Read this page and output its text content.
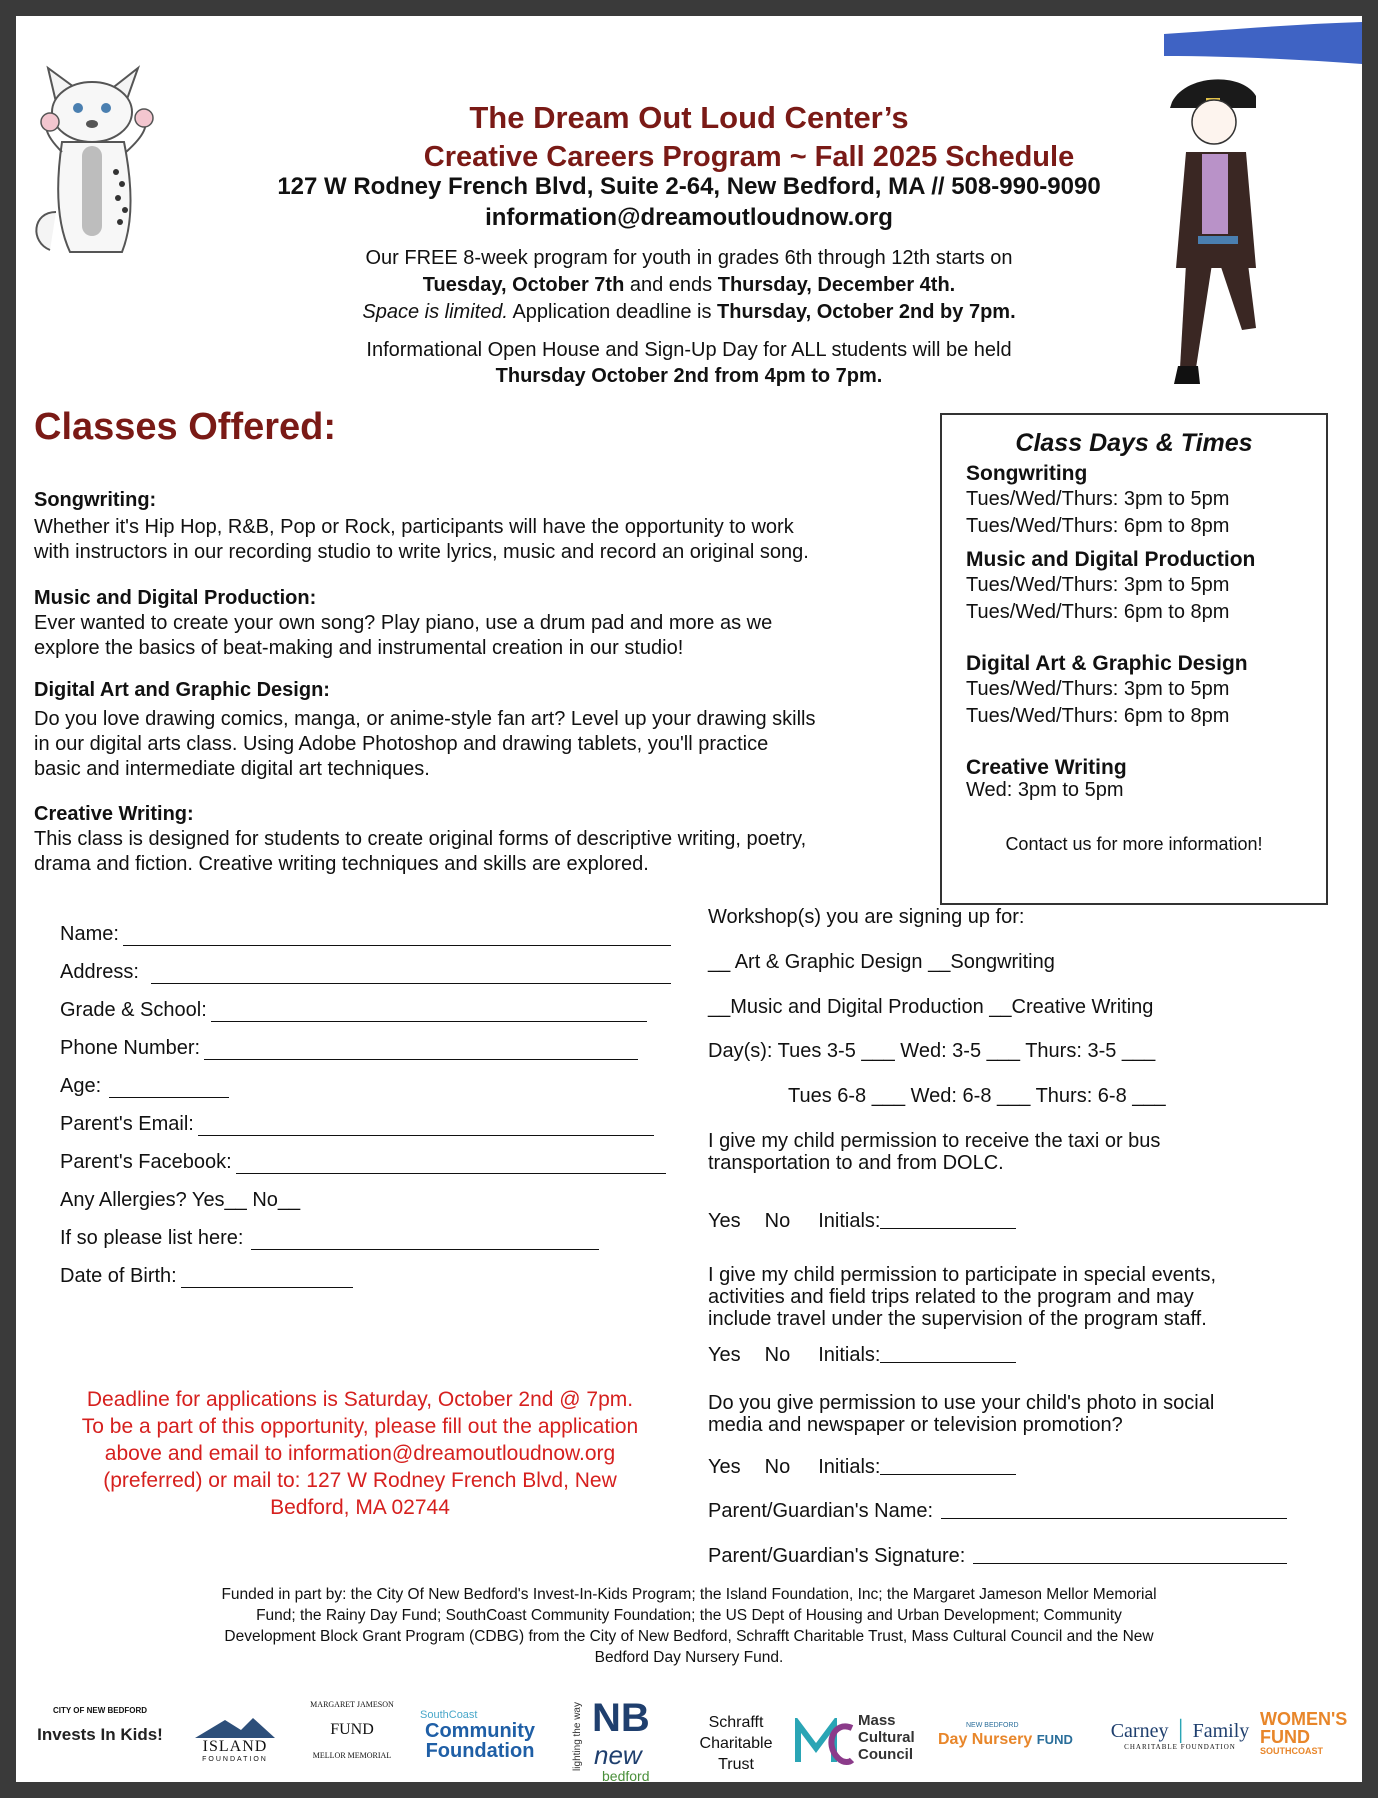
The Dream Out Loud Center’s
Creative Careers Program ~ Fall 2025 Schedule
127 W Rodney French Blvd, Suite 2-64, New Bedford, MA // 508-990-9090
information@dreamoutloudnow.org
Our FREE 8-week program for youth in grades 6th through 12th starts on
Tuesday, October 7th and ends Thursday, December 4th.
Space is limited. Application deadline is Thursday, October 2nd by 7pm.
Informational Open House and Sign-Up Day for ALL students will be held
Thursday October 2nd from 4pm to 7pm.
Classes Offered:
Songwriting:
Whether it's Hip Hop, R&B, Pop or Rock, participants will have the opportunity to work
with instructors in our recording studio to write lyrics, music and record an original song.
Music and Digital Production:
Ever wanted to create your own song? Play piano, use a drum pad and more as we
explore the basics of beat-making and instrumental creation in our studio!
Digital Art and Graphic Design:
Do you love drawing comics, manga, or anime-style fan art? Level up your drawing skills
in our digital arts class. Using Adobe Photoshop and drawing tablets, you'll practice
basic and intermediate digital art techniques.
Creative Writing:
This class is designed for students to create original forms of descriptive writing, poetry,
drama and fiction. Creative writing techniques and skills are explored.
Class Days & Times
Songwriting
Tues/Wed/Thurs: 3pm to 5pm
Tues/Wed/Thurs: 6pm to 8pm
Music and Digital Production
Tues/Wed/Thurs: 3pm to 5pm
Tues/Wed/Thurs: 6pm to 8pm
Digital Art & Graphic Design
Tues/Wed/Thurs: 3pm to 5pm
Tues/Wed/Thurs: 6pm to 8pm
Creative Writing
Wed: 3pm to 5pm
Contact us for more information!
Name:
Address:
Grade & School:
Phone Number:
Age:
Parent's Email:
Parent's Facebook:
Any Allergies? Yes__ No__
If so please list here:
Date of Birth:
Workshop(s) you are signing up for:
__ Art & Graphic Design __Songwriting
__Music and Digital Production __Creative Writing
Day(s): Tues 3-5 ___ Wed: 3-5 ___ Thurs: 3-5 ___
Tues 6-8 ___ Wed: 6-8 ___ Thurs: 6-8 ___
I give my child permission to receive the taxi or bus
transportation to and from DOLC.
Yes No Initials:
I give my child permission to participate in special events,
activities and field trips related to the program and may
include travel under the supervision of the program staff.
Yes No Initials:
Do you give permission to use your child's photo in social
media and newspaper or television promotion?
Yes No Initials:
Parent/Guardian's Name:
Parent/Guardian's Signature:
Deadline for applications is Saturday, October 2nd @ 7pm.
To be a part of this opportunity, please fill out the application
above and email to information@dreamoutloudnow.org
(preferred) or mail to: 127 W Rodney French Blvd, New
Bedford, MA 02744
Funded in part by: the City Of New Bedford's Invest-In-Kids Program; the Island Foundation, Inc; the Margaret Jameson Mellor Memorial
Fund; the Rainy Day Fund; SouthCoast Community Foundation; the US Dept of Housing and Urban Development; Community
Development Block Grant Program (CDBG) from the City of New Bedford, Schrafft Charitable Trust, Mass Cultural Council and the New
Bedford Day Nursery Fund.
CITY OF NEW BEDFORD
Invests In Kids!
ISLAND
FOUNDATION
MARGARET JAMESON
FUND
MELLOR MEMORIAL
SouthCoast
Community
Foundation	lighting the way NB
new
bedford
Schrafft
Charitable
Trust
Mass
Cultural
Council
NEW BEDFORD
Day Nursery FUND	Carney │ Family
CHARITABLE FOUNDATION
WOMEN'S
FUND
SOUTHCOAST
